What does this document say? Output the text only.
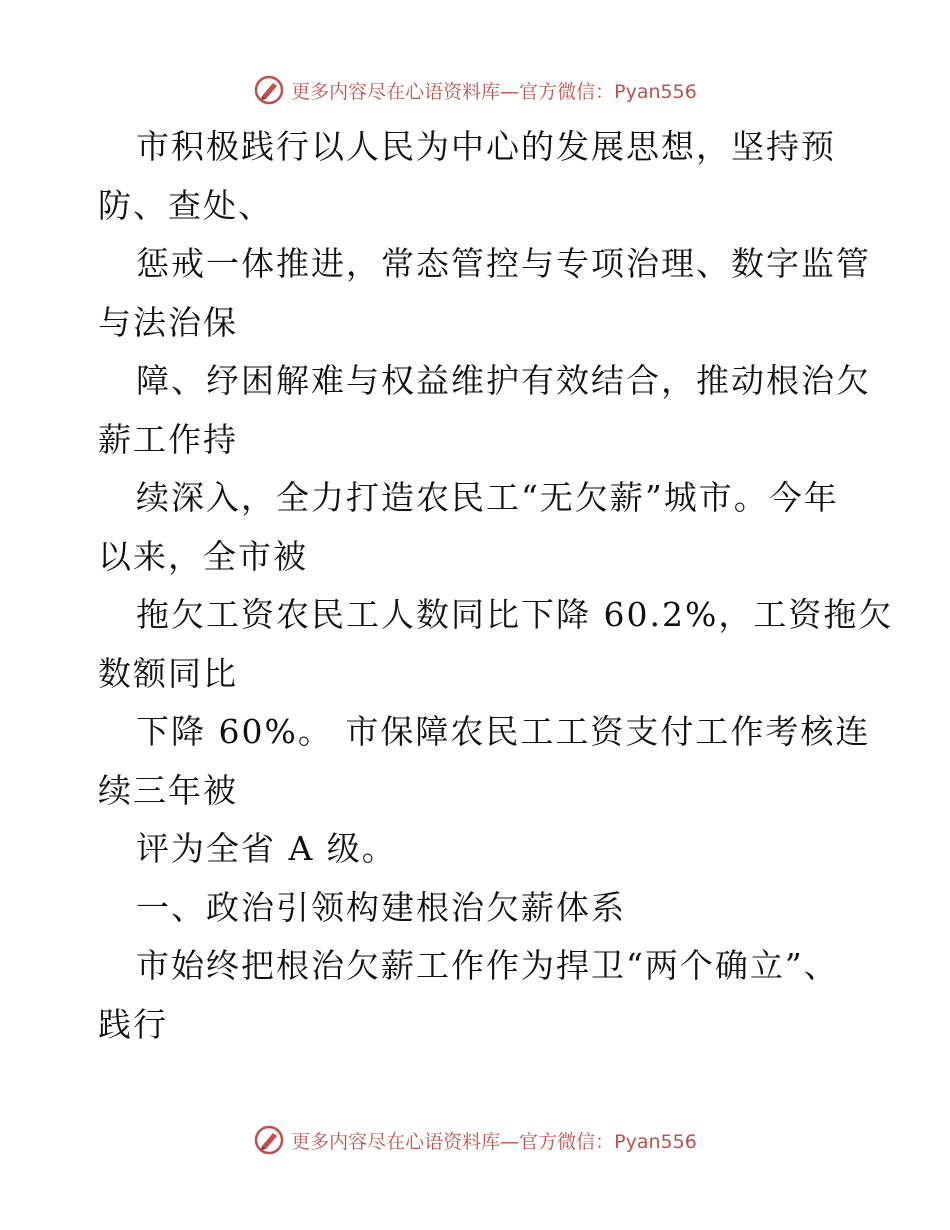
更多内容尽在心语资料库—官方微信：Pyan556
市积极践行以人民为中心的发展思想，坚持预
防、查处、
惩戒一体推进，常态管控与专项治理、数字监管
与法治保
障、纾困解难与权益维护有效结合，推动根治欠
薪工作持
续深入，全力打造农民工“无欠薪”城市。今年
以来，全市被
拖欠工资农民工人数同比下降 60.2%，工资拖欠
数额同比
下降 60%。 市保障农民工工资支付工作考核连
续三年被
评为全省 A 级。
一、政治引领构建根治欠薪体系
市始终把根治欠薪工作作为捍卫“两个确立”、
践行
更多内容尽在心语资料库—官方微信：Pyan556
